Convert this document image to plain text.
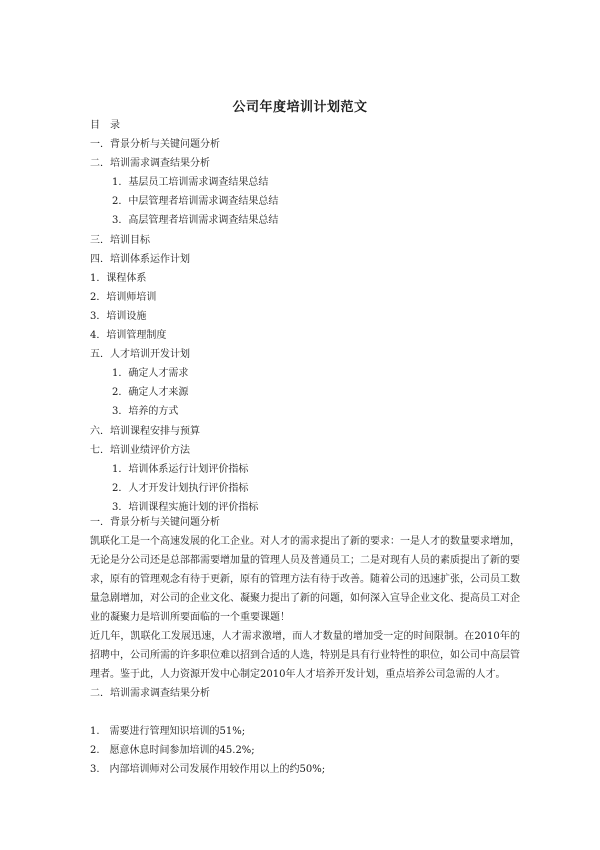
公司年度培训计划范文
目　录
一．背景分析与关键问题分析
二．培训需求调查结果分析
1．基层员工培训需求调查结果总结
2．中层管理者培训需求调查结果总结
3．高层管理者培训需求调查结果总结
三．培训目标
四．培训体系运作计划
1．课程体系
2．培训师培训
3．培训设施
4．培训管理制度
五．人才培训开发计划
1．确定人才需求
2．确定人才来源
3．培养的方式
六．培训课程安排与预算
七．培训业绩评价方法
1．培训体系运行计划评价指标
2．人才开发计划执行评价指标
3．培训课程实施计划的评价指标
一．背景分析与关键问题分析

凯联化工是一个高速发展的化工企业。对人才的需求提出了新的要求：一是人才的数量要求增加，无论是分公司还是总部都需要增加量的管理人员及普通员工；二是对现有人员的素质提出了新的要求，原有的管理观念有待于更新，原有的管理方法有待于改善。随着公司的迅速扩张，公司员工数量急剧增加，对公司的企业文化、凝聚力提出了新的问题，如何深入宣导企业文化、提高员工对企业的凝聚力是培训所要面临的一个重要课题！

近几年，凯联化工发展迅速，人才需求激增，而人才数量的增加受一定的时间限制。在2010年的招聘中，公司所需的许多职位难以招到合适的人选，特别是具有行业特性的职位，如公司中高层管理者。鉴于此，人力资源开发中心制定2010年人才培养开发计划，重点培养公司急需的人才。

二．培训需求调查结果分析
1.　需要进行管理知识培训的51%;
2.　愿意休息时间参加培训的45.2%;
3.　内部培训师对公司发展作用较作用以上的约50%;
